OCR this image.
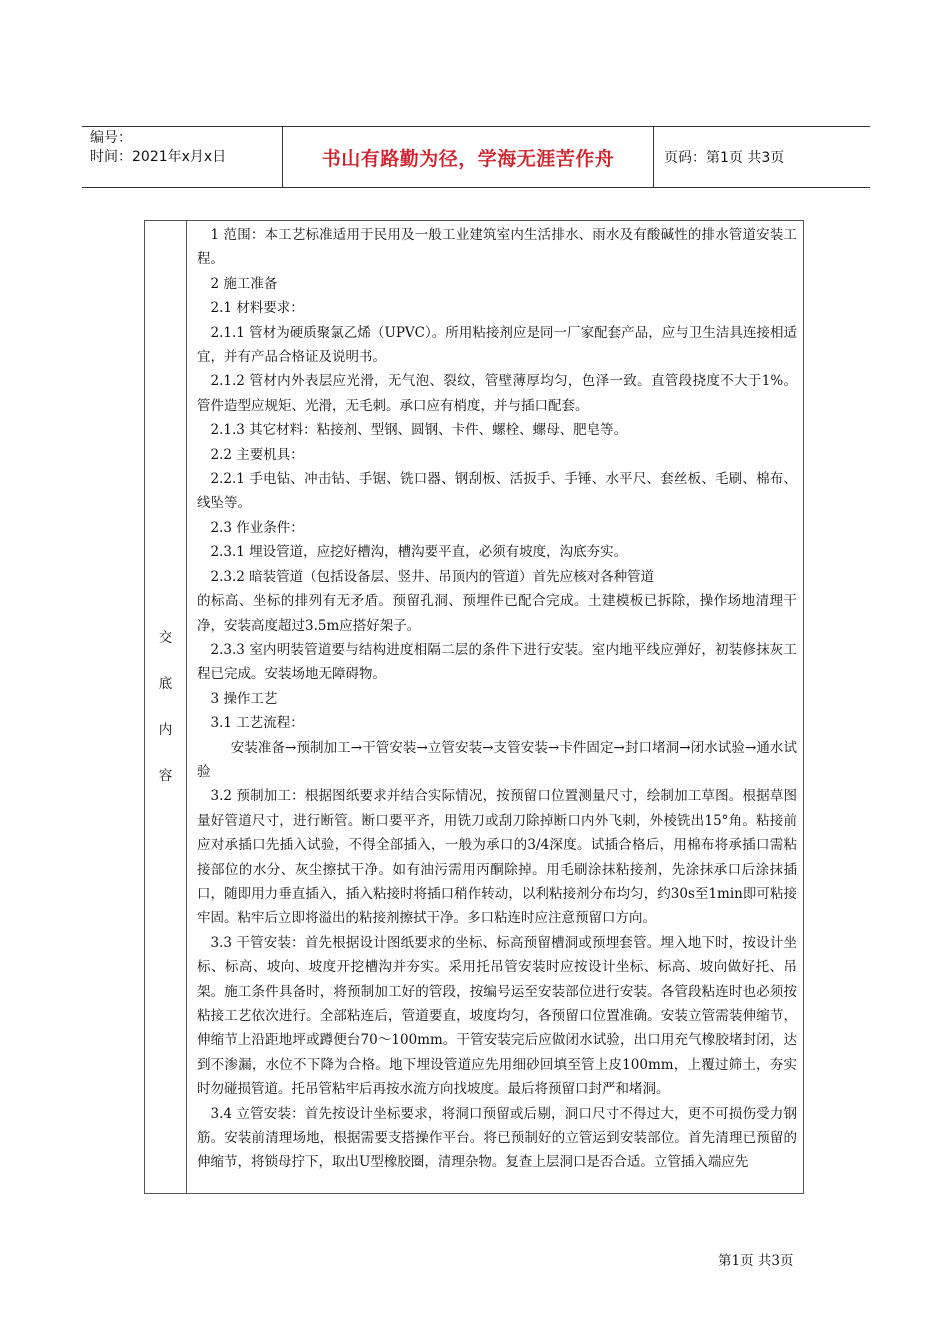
编号：
时间：2021年x月x日	书山有路勤为径，学海无涯苦作舟	页码：第1页 共3页
交
底
内
容

1 范围：本工艺标准适用于民用及一般工业建筑室内生活排水、雨水及有酸碱性的排水管道安装工程。

2 施工准备

2.1 材料要求：

2.1.1 管材为硬质聚氯乙烯（UPVC）。所用粘接剂应是同一厂家配套产品，应与卫生洁具连接相适宜，并有产品合格证及说明书。

2.1.2 管材内外表层应光滑，无气泡、裂纹，管壁薄厚均匀，色泽一致。直管段挠度不大于1%。管件造型应规矩、光滑，无毛刺。承口应有梢度，并与插口配套。

2.1.3 其它材料：粘接剂、型钢、圆钢、卡件、螺栓、螺母、肥皂等。

2.2 主要机具：

2.2.1 手电钻、冲击钻、手锯、铣口器、钢刮板、活扳手、手锤、水平尺、套丝板、毛刷、棉布、线坠等。

2.3 作业条件：

2.3.1 埋设管道，应挖好槽沟，槽沟要平直，必须有坡度，沟底夯实。

2.3.2 暗装管道（包括设备层、竖井、吊顶内的管道）首先应核对各种管道

的标高、坐标的排列有无矛盾。预留孔洞、预埋件已配合完成。土建模板已拆除，操作场地清理干净，安装高度超过3.5m应搭好架子。

2.3.3 室内明装管道要与结构进度相隔二层的条件下进行安装。室内地平线应弹好，初装修抹灰工程已完成。安装场地无障碍物。

3 操作工艺

3.1 工艺流程：

安装准备→预制加工→干管安装→立管安装→支管安装→卡件固定→封口堵洞→闭水试验→通水试验

3.2 预制加工：根据图纸要求并结合实际情况，按预留口位置测量尺寸，绘制加工草图。根据草图量好管道尺寸，进行断管。断口要平齐，用铣刀或刮刀除掉断口内外飞刺，外棱铣出15°角。粘接前应对承插口先插入试验，不得全部插入，一般为承口的3/4深度。试插合格后，用棉布将承插口需粘接部位的水分、灰尘擦拭干净。如有油污需用丙酮除掉。用毛刷涂抹粘接剂，先涂抹承口后涂抹插口，随即用力垂直插入，插入粘接时将插口稍作转动，以利粘接剂分布均匀，约30s至1min即可粘接牢固。粘牢后立即将溢出的粘接剂擦拭干净。多口粘连时应注意预留口方向。

3.3 干管安装：首先根据设计图纸要求的坐标、标高预留槽洞或预埋套管。埋入地下时，按设计坐标、标高、坡向、坡度开挖槽沟并夯实。采用托吊管安装时应按设计坐标、标高、坡向做好托、吊架。施工条件具备时，将预制加工好的管段，按编号运至安装部位进行安装。各管段粘连时也必须按粘接工艺依次进行。全部粘连后，管道要直，坡度均匀，各预留口位置准确。安装立管需装伸缩节，伸缩节上沿距地坪或蹲便台70～100mm。干管安装完后应做闭水试验，出口用充气橡胶堵封闭，达到不渗漏，水位不下降为合格。地下埋设管道应先用细砂回填至管上皮100mm，上覆过筛土，夯实时勿碰损管道。托吊管粘牢后再按水流方向找坡度。最后将预留口封严和堵洞。

3.4 立管安装：首先按设计坐标要求，将洞口预留或后剔，洞口尺寸不得过大，更不可损伤受力钢筋。安装前清理场地，根据需要支搭操作平台。将已预制好的立管运到安装部位。首先清理已预留的伸缩节，将锁母拧下，取出U型橡胶圈，清理杂物。复查上层洞口是否合适。立管插入端应先

第1页 共3页
